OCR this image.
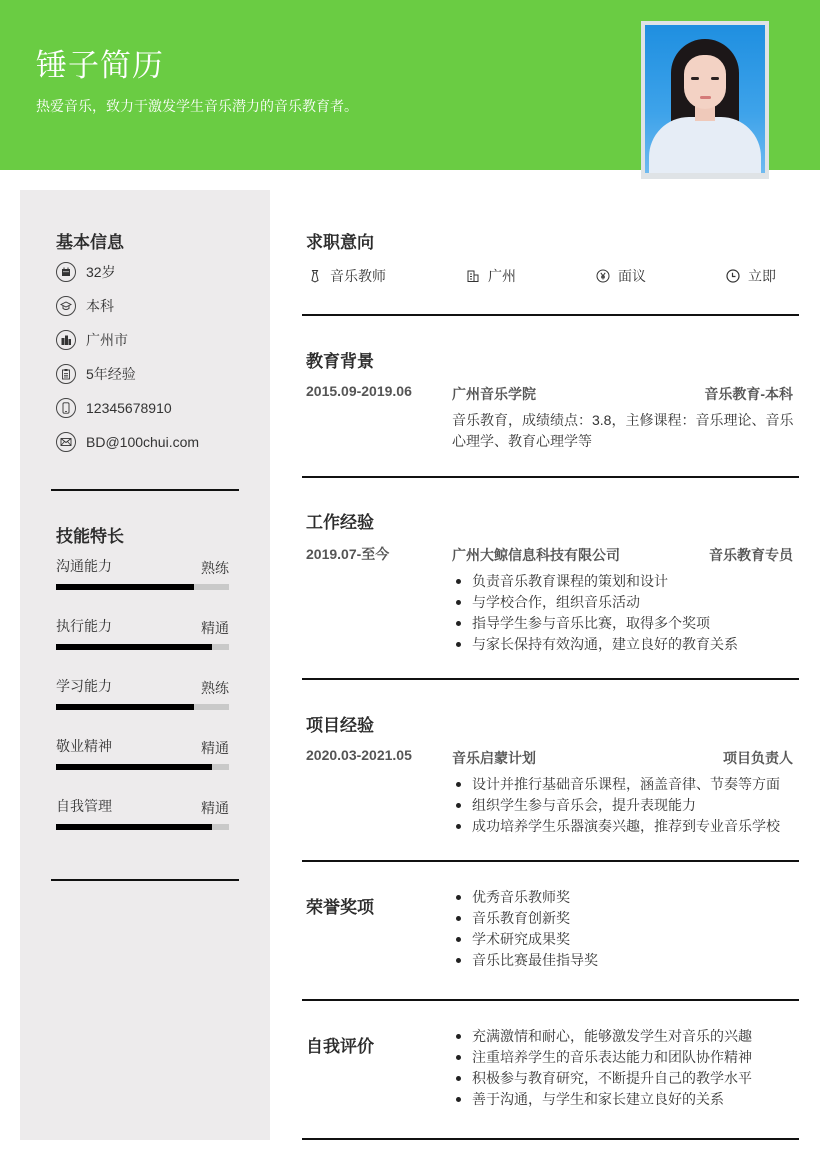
锤子简历
热爱音乐，致力于激发学生音乐潜力的音乐教育者。
基本信息
32岁
本科
广州市
5年经验
12345678910
BD@100chui.com
技能特长
沟通能力	熟练
执行能力	精通
学习能力	熟练
敬业精神	精通
自我管理	精通
求职意向
音乐教师	广州	面议	立即
教育背景
2015.09-2019.06	广州音乐学院	音乐教育-本科
音乐教育，成绩绩点：3.8，主修课程：音乐理论、音乐心理学、教育心理学等
工作经验
2019.07-至今	广州大鲸信息科技有限公司	音乐教育专员
负责音乐教育课程的策划和设计
与学校合作，组织音乐活动
指导学生参与音乐比赛，取得多个奖项
与家长保持有效沟通，建立良好的教育关系
项目经验
2020.03-2021.05	音乐启蒙计划	项目负责人
设计并推行基础音乐课程，涵盖音律、节奏等方面
组织学生参与音乐会，提升表现能力
成功培养学生乐器演奏兴趣，推荐到专业音乐学校
荣誉奖项
优秀音乐教师奖
音乐教育创新奖
学术研究成果奖
音乐比赛最佳指导奖
自我评价
充满激情和耐心，能够激发学生对音乐的兴趣
注重培养学生的音乐表达能力和团队协作精神
积极参与教育研究，不断提升自己的教学水平
善于沟通，与学生和家长建立良好的关系
